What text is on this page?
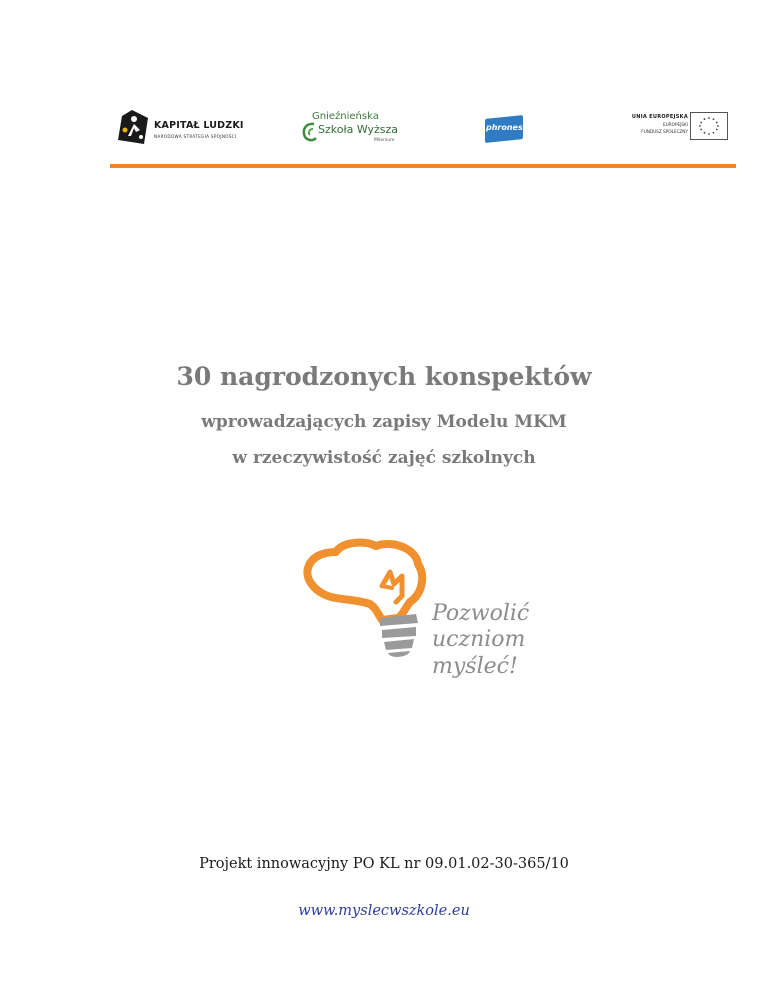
KAPITAŁ LUDZKI
NARODOWA STRATEGIA SPÓJNOŚCI
Gnieźnieńska
Szkoła Wyższa
Milenium
phronesis
UNIA EUROPEJSKA
EUROPEJSKI
FUNDUSZ SPOŁECZNY
30 nagrodzonych konspektów
wprowadzających zapisy Modelu MKM
w rzeczywistość zajęć szkolnych
Pozwolić
uczniom
myśleć!
Projekt innowacyjny PO KL nr 09.01.02-30-365/10
www.myslecwszkole.eu
